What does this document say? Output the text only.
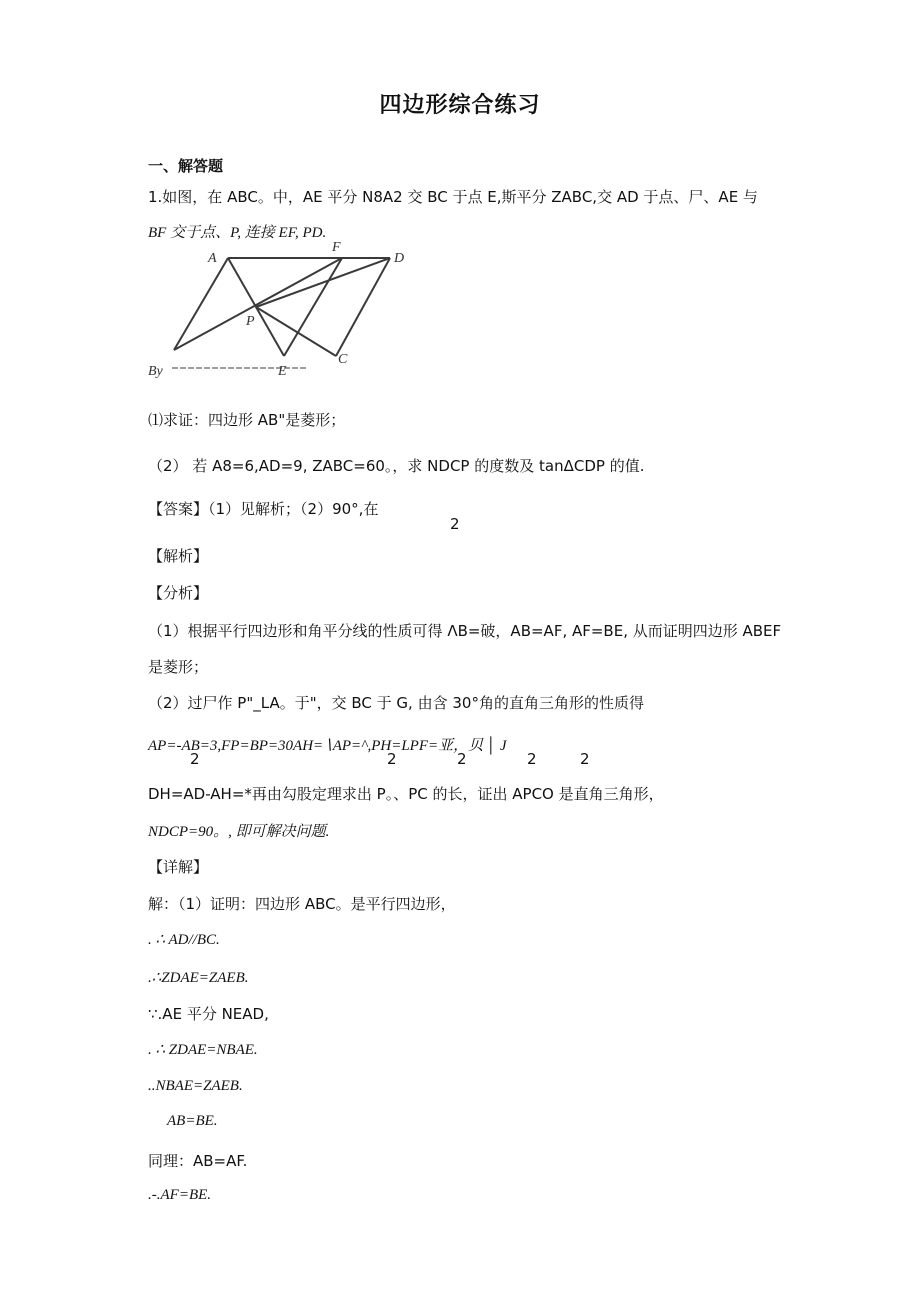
四边形综合练习
一、解答题
1.如图，在 ABC。中，AE 平分 N8A2 交 BC 于点 E,斯平分 ZABC,交 AD 于点、尸、AE 与
BF 交于点、P, 连接 EF, PD.
A
F
D
P
E
C
By
⑴求证：四边形 AB"是菱形；
（2） 若 A8=6,AD=9, ZABC=60。，求 NDCP 的度数及 tanΔCDP 的值.
【答案】（1）见解析；（2）90°,在
2
【解析】
【分析】
（1）根据平行四边形和角平分线的性质可得 ΛB=破，AB=AF, AF=BE, 从而证明四边形 ABEF
是菱形；
（2）过尸作 P"_LA。于"，交 BC 于 G, 由含 30°角的直角三角形的性质得
AP=-AB=3,FP=BP=30AH=∖AP=^,PH=LPF=亚，贝 │ J
2	2	2	2	2
DH=AD-AH=*再由勾股定理求出 P。、PC 的长，证出 APCO 是直角三角形，
NDCP=90。, 即可解决问题.
【详解】
解：（1）证明：四边形 ABC。是平行四边形，
. ∴ AD//BC.
.∴ZDAE=ZAEB.
∵.AE 平分 NEAD,
. ∴ ZDAE=NBAE.
..NBAE=ZAEB.
AB=BE.
同理：AB=AF.
.-.AF=BE.
